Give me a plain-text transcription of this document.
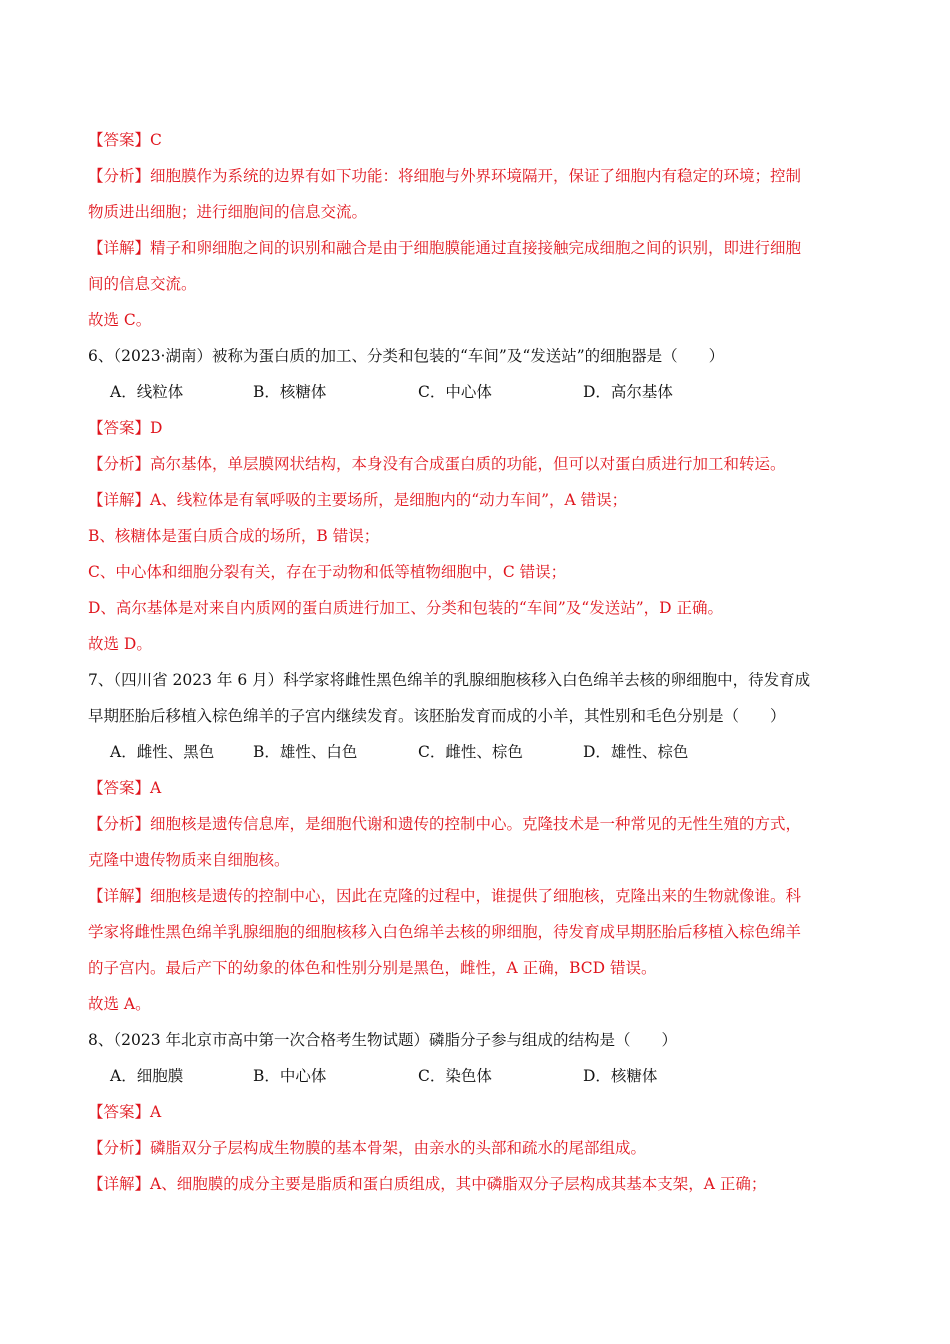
【答案】C
【分析】细胞膜作为系统的边界有如下功能：将细胞与外界环境隔开，保证了细胞内有稳定的环境；控制
物质进出细胞；进行细胞间的信息交流。
【详解】精子和卵细胞之间的识别和融合是由于细胞膜能通过直接接触完成细胞之间的识别，即进行细胞
间的信息交流。
故选 C。
6、（2023·湖南）被称为蛋白质的加工、分类和包装的“车间”及“发送站”的细胞器是（　　）
A．线粒体	B．核糖体	C．中心体	D．高尔基体
【答案】D
【分析】高尔基体，单层膜网状结构，本身没有合成蛋白质的功能，但可以对蛋白质进行加工和转运。
【详解】A、线粒体是有氧呼吸的主要场所，是细胞内的“动力车间”，A 错误；
B、核糖体是蛋白质合成的场所，B 错误；
C、中心体和细胞分裂有关，存在于动物和低等植物细胞中，C 错误；
D、高尔基体是对来自内质网的蛋白质进行加工、分类和包装的“车间”及“发送站”，D 正确。
故选 D。
7、（四川省 2023 年 6 月）科学家将雌性黑色绵羊的乳腺细胞核移入白色绵羊去核的卵细胞中，待发育成
早期胚胎后移植入棕色绵羊的子宫内继续发育。该胚胎发育而成的小羊，其性别和毛色分别是（　　）
A．雌性、黑色	B．雄性、白色	C．雌性、棕色	D．雄性、棕色
【答案】A
【分析】细胞核是遗传信息库，是细胞代谢和遗传的控制中心。克隆技术是一种常见的无性生殖的方式，
克隆中遗传物质来自细胞核。
【详解】细胞核是遗传的控制中心，因此在克隆的过程中，谁提供了细胞核，克隆出来的生物就像谁。科
学家将雌性黑色绵羊乳腺细胞的细胞核移入白色绵羊去核的卵细胞，待发育成早期胚胎后移植入棕色绵羊
的子宫内。最后产下的幼象的体色和性别分别是黑色，雌性，A 正确，BCD 错误。
故选 A。
8、（2023 年北京市高中第一次合格考生物试题）磷脂分子参与组成的结构是（　　）
A．细胞膜	B．中心体	C．染色体	D．核糖体
【答案】A
【分析】磷脂双分子层构成生物膜的基本骨架，由亲水的头部和疏水的尾部组成。
【详解】A、细胞膜的成分主要是脂质和蛋白质组成，其中磷脂双分子层构成其基本支架，A 正确；
